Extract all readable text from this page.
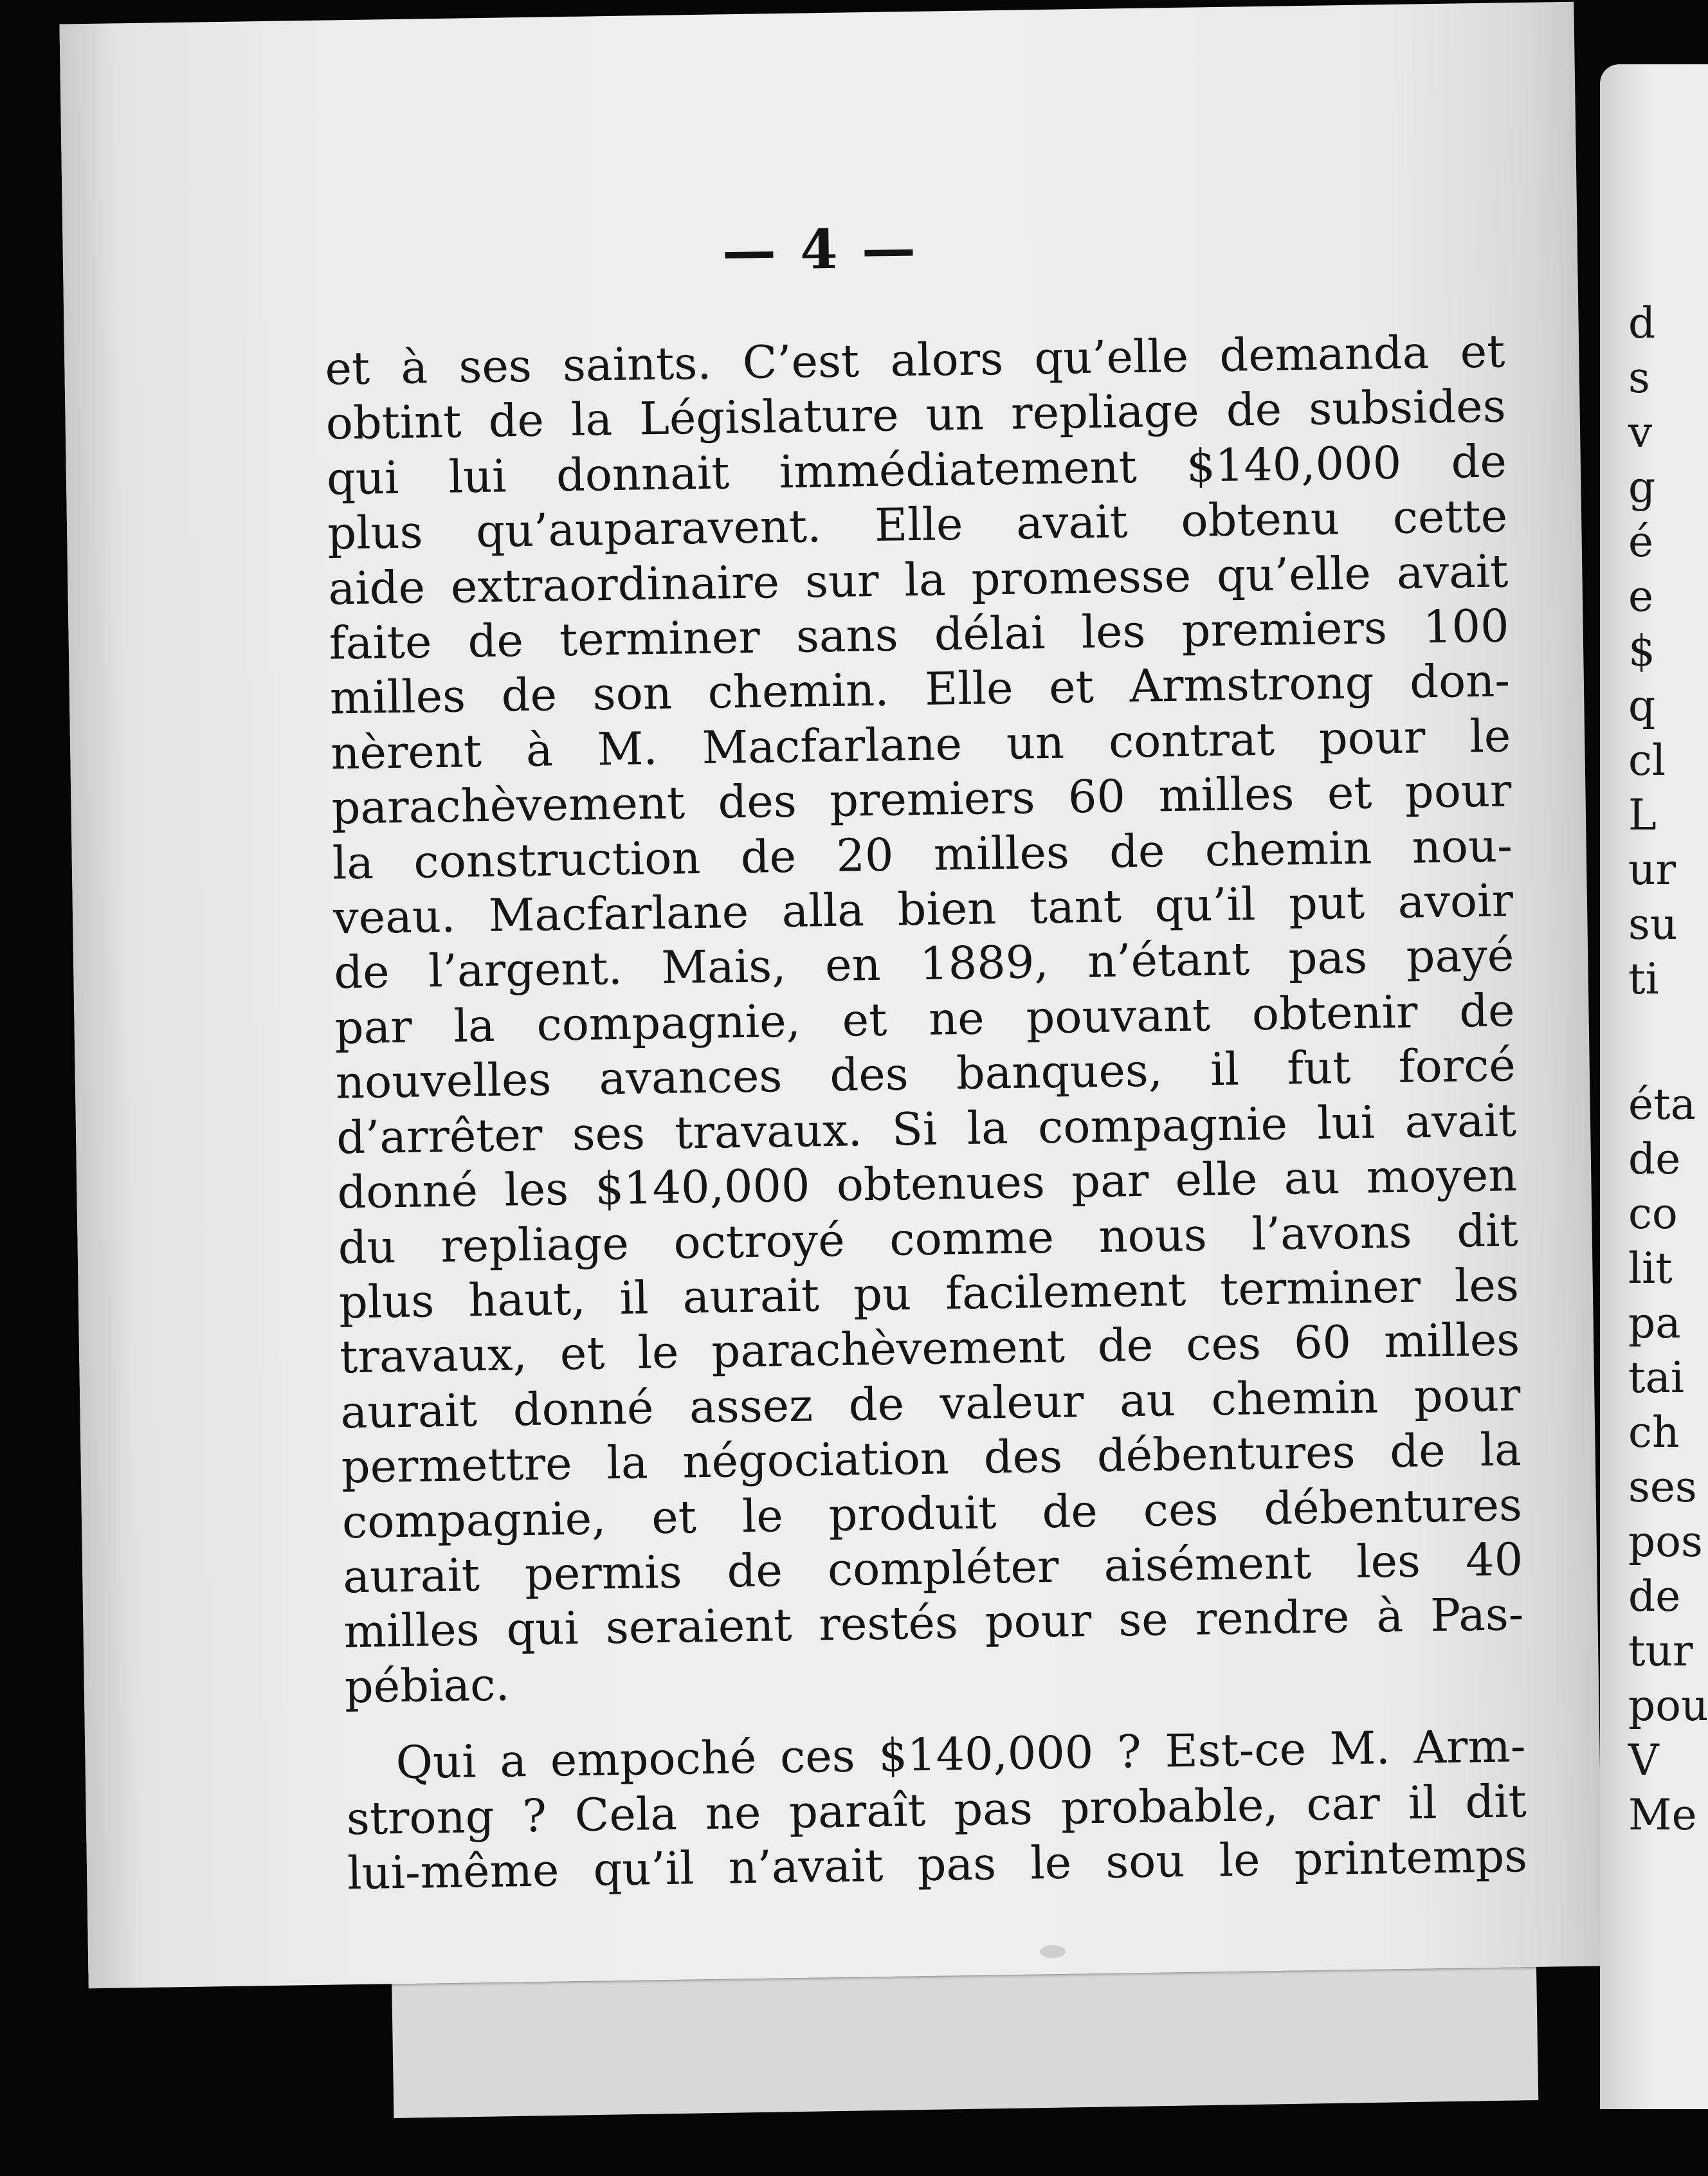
— 4 —
et à ses saints. C’est alors qu’elle demanda et
obtint de la Législature un repliage de subsides
qui lui donnait immédiatement $140,000 de
plus qu’auparavent. Elle avait obtenu cette
aide extraordinaire sur la promesse qu’elle avait
faite de terminer sans délai les premiers 100
milles de son chemin. Elle et Armstrong don-
nèrent à M. Macfarlane un contrat pour le
parachèvement des premiers 60 milles et pour
la construction de 20 milles de chemin nou-
veau. Macfarlane alla bien tant qu’il put avoir
de l’argent. Mais, en 1889, n’étant pas payé
par la compagnie, et ne pouvant obtenir de
nouvelles avances des banques, il fut forcé
d’arrêter ses travaux. Si la compagnie lui avait
donné les $140,000 obtenues par elle au moyen
du repliage octroyé comme nous l’avons dit
plus haut, il aurait pu facilement terminer les
travaux, et le parachèvement de ces 60 milles
aurait donné assez de valeur au chemin pour
permettre la négociation des débentures de la
compagnie, et le produit de ces débentures
aurait permis de compléter aisément les 40
milles qui seraient restés pour se rendre à Pas-
pébiac.
Qui a empoché ces $140,000 ? Est-ce M. Arm-
strong ? Cela ne paraît pas probable, car il dit
lui-même qu’il n’avait pas le sou le printemps
d
s
v
g
é
e
$
q
cl
L
ur
su
ti
éta
de
co
lit
pa
tai
ch
ses
pos
de
tur
pou
V
Me
